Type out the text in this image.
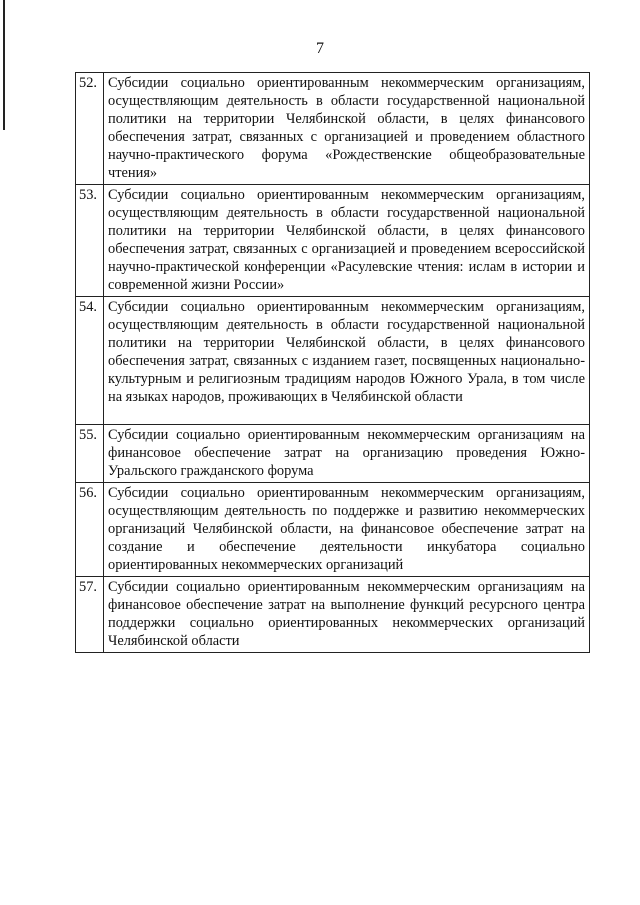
7
52.	Субсидии социально ориентированным некоммерческим организациям, осуществляющим деятельность в области государственной национальной политики на территории Челябинской области, в целях финансового обеспечения затрат, связанных с организацией и проведением областного научно-практического форума «Рождественские общеобразовательные чтения»
53.	Субсидии социально ориентированным некоммерческим организациям, осуществляющим деятельность в области государственной национальной политики на территории Челябинской области, в целях финансового обеспечения затрат, связанных с организацией и проведением всероссийской научно-практической конференции «Расулевские чтения: ислам в истории и современной жизни России»
54.	Субсидии социально ориентированным некоммерческим организациям, осуществляющим деятельность в области государственной национальной политики на территории Челябинской области, в целях финансового обеспечения затрат, связанных с изданием газет, посвященных национально-культурным и религиозным традициям народов Южного Урала, в том числе на языках народов, проживающих в Челябинской области
55.	Субсидии социально ориентированным некоммерческим организациям на финансовое обеспечение затрат на организацию проведения Южно-Уральского гражданского форума
56.	Субсидии социально ориентированным некоммерческим организациям, осуществляющим деятельность по поддержке и развитию некоммерческих организаций Челябинской области, на финансовое обеспечение затрат на создание и обеспечение деятельности инкубатора социально ориентированных некоммерческих организаций
57.	Субсидии социально ориентированным некоммерческим организациям на финансовое обеспечение затрат на выполнение функций ресурсного центра поддержки социально ориентированных некоммерческих организаций Челябинской области
